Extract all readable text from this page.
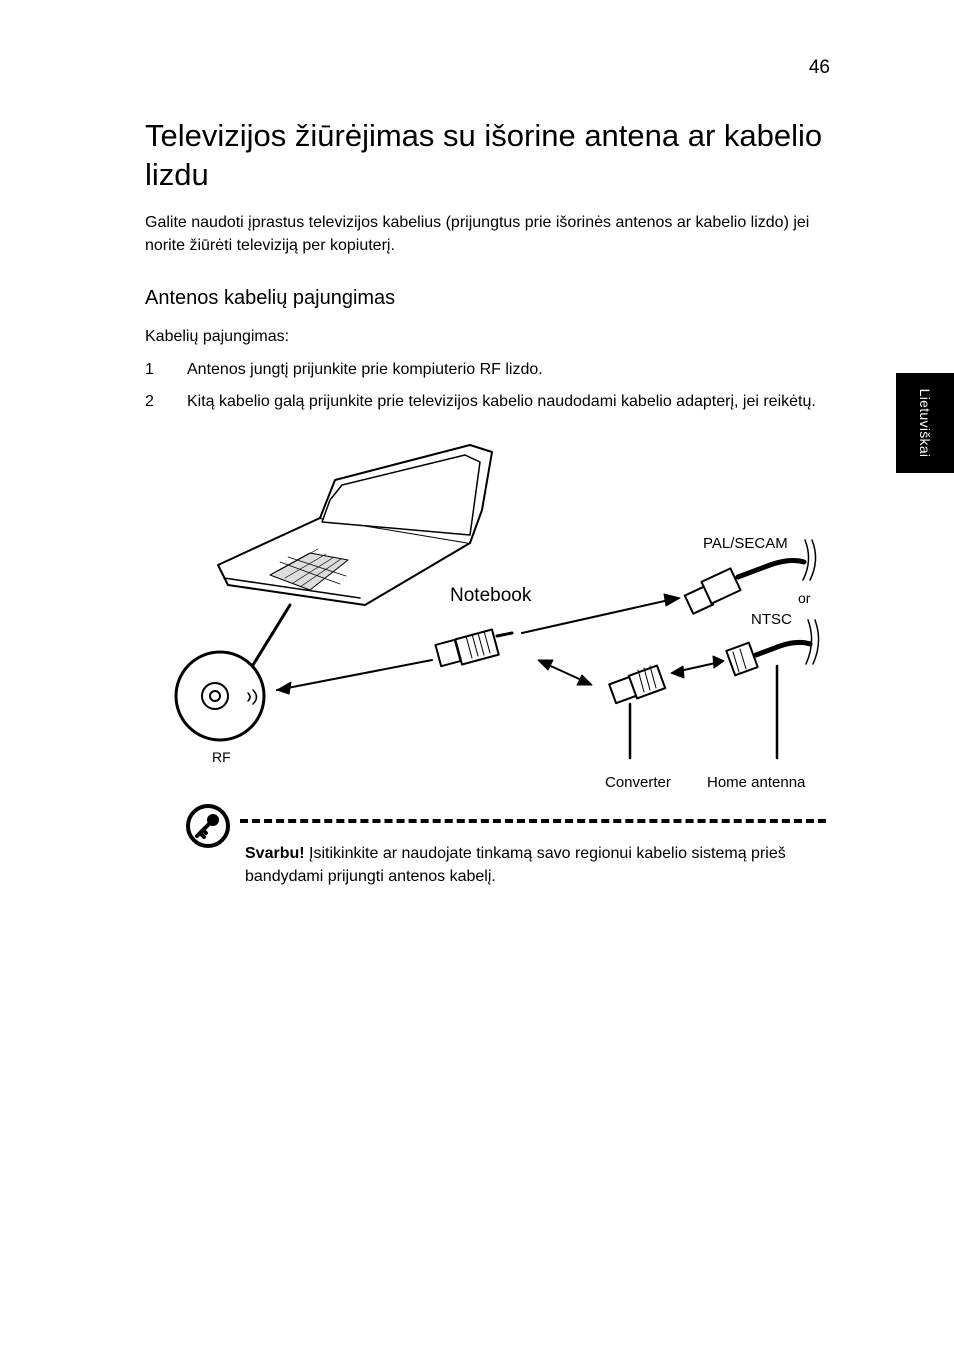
46
Televizijos žiūrėjimas su išorine antena ar kabelio lizdu

Galite naudoti įprastus televizijos kabelius (prijungtus prie išorinės antenos ar kabelio lizdo) jei norite žiūrėti televiziją per kopiuterį.

Antenos kabelių pajungimas

Kabelių pajungimas:

1	Antenos jungtį prijunkite prie kompiuterio RF lizdo.
2	Kitą kabelio galą prijunkite prie televizijos kabelio naudodami kabelio adapterį, jei reikėtų.	Lietuviškai
Notebook
RF
PAL/SECAM
or
Converter
NTSC
Home antenna

Svarbu! Įsitikinkite ar naudojate tinkamą savo regionui kabelio sistemą prieš bandydami prijungti antenos kabelį.
